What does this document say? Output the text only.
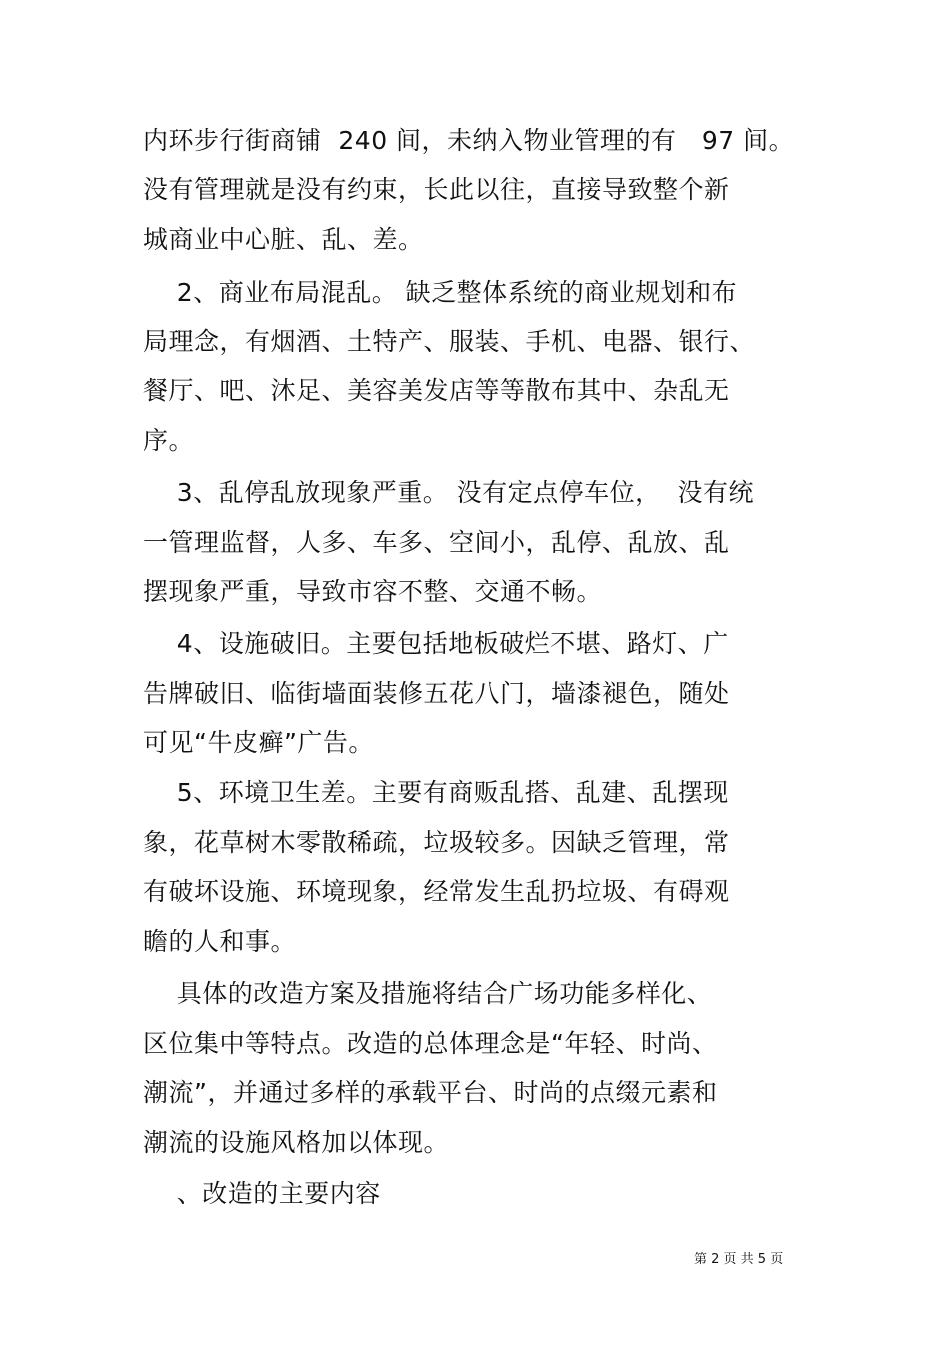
内环步行街商铺  240 间，未纳入物业管理的有   97 间。
没有管理就是没有约束，长此以往，直接导致整个新
城商业中心脏、乱、差。
2、商业布局混乱。 缺乏整体系统的商业规划和布
局理念，有烟酒、土特产、服装、手机、电器、银行、
餐厅、吧、沐足、美容美发店等等散布其中、杂乱无
序。
3、乱停乱放现象严重。 没有定点停车位，  没有统
一管理监督，人多、车多、空间小，乱停、乱放、乱
摆现象严重，导致市容不整、交通不畅。
4、设施破旧。主要包括地板破烂不堪、路灯、广
告牌破旧、临街墙面装修五花八门，墙漆褪色，随处
可见“牛皮癣”广告。
5、环境卫生差。主要有商贩乱搭、乱建、乱摆现
象，花草树木零散稀疏，垃圾较多。因缺乏管理，常
有破坏设施、环境现象，经常发生乱扔垃圾、有碍观
瞻的人和事。
具体的改造方案及措施将结合广场功能多样化、
区位集中等特点。改造的总体理念是“年轻、时尚、
潮流”，并通过多样的承载平台、时尚的点缀元素和
潮流的设施风格加以体现。
、改造的主要内容
第 2 页 共 5 页
